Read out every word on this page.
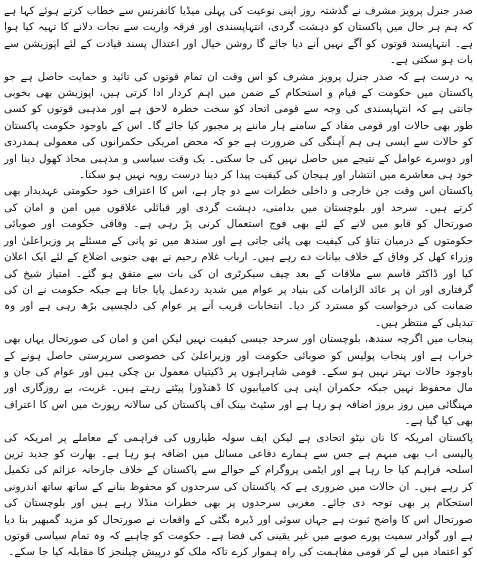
صدر جنرل پرویز مشرف نے گذشتہ روز اپنی نوعیت کی پہلی میڈیا کانفرنس سے خطاب کرتے ہوئے کہا ہے کہ ہم ہر حال میں پاکستان کو دہشت گردی، انتہاپسندی اور فرقہ واریت سے نجات دلانے کا تہیہ کیا ہوا ہے۔ انتہاپسند قوتوں کو آگے نہیں آنے دیا جائے گا روشن خیال اور اعتدال پسند قیادت کے لئے اپوزیشن سے بات ہو سکتی ہے۔

یہ درست ہے کہ صدر جنرل پرویز مشرف کو اس وقت ان تمام قوتوں کی تائید و حمایت حاصل ہے جو پاکستان میں حکومت کے قیام و استحکام کے ضمن میں اہم کردار ادا کرتی ہیں، اپوزیشن بھی بخوبی جانتی ہے کہ انتہاپسندی کی وجہ سے قومی اتحاد کو سخت خطرہ لاحق ہے اور مذہبی قوتوں کو کسی طور بھی حالات اور قومی مفاد کے سامنے ہار ماننے پر مجبور کیا جائے گا۔ اس کے باوجود حکومت پاکستان کو حالات سے ایسی ہی ہم آہنگی کی ضرورت ہے جو کہ محض امریکی حکمرانوں کی معمولی ہمدردی اور دوسرے عوامل کے نتیجے میں حاصل نہیں کی جا سکتی۔ یک وقت سیاسی و مذہبی محاذ کھول دینا اور خود ہی معاشرے میں انتشار اور ہیجان کی کیفیت پیدا کر دینا درست رویہ نہیں ہو سکتا۔

پاکستان اس وقت جن خارجی و داخلی خطرات سے دو چار ہے، اس کا اعتراف خود حکومتی عہدیدار بھی کرتے ہیں۔ سرحد اور بلوچستان میں بدامنی، دہشت گردی اور قبائلی علاقوں میں امن و امان کی صورتحال کو قابو میں لانے کے لئے بھی فوج استعمال کرنی پڑ رہی ہے۔ وفاقی حکومت اور صوبائی حکومتوں کے درمیان تناؤ کی کیفیت بھی پائی جاتی ہے اور سندھ میں تو پانی کے مسئلے پر وزیراعلیٰ اور وزراء کھل کر وفاق کے خلاف بیانات دے رہے ہیں۔ ارباب غلام رحیم نے بھی جنوبی اضلاع کے لئے ایک اعلان کیا اور ڈاکٹر قاسم سے ملاقات کے بعد چیف سیکرٹری ان کی بات سے متفق ہو گئے۔ امتیاز شیخ کی گرفتاری اور ان پر عائد الزامات کی بنیاد پر عوام میں شدید ردعمل پایا جاتا ہے جبکہ حکومت نے ان کی ضمانت کی درخواست کو مسترد کر دیا۔ انتخابات قریب آنے پر عوام کی دلچسپی بڑھ رہی ہے اور وہ تبدیلی کے منتظر ہیں۔

پنجاب میں اگرچہ سندھ، بلوچستان اور سرحد جیسی کیفیت نہیں لیکن امن و امان کی صورتحال یہاں بھی خراب ہے اور پنجاب پولیس کو صوبائی حکومت اور وزیراعلیٰ کی خصوصی سرپرستی حاصل ہونے کے باوجود حالات بہتر نہیں ہو سکے۔ قومی شاہراہوں پر ڈکیتیاں معمول بن چکی ہیں اور عوام کی جان و مال محفوظ نہیں جبکہ حکمران اپنی ہی کامیابیوں کا ڈھنڈورا پیٹتے رہتے ہیں۔ غربت، بے روزگاری اور مہنگائی میں روز بروز اضافہ ہو رہا ہے اور سٹیٹ بینک آف پاکستان کی سالانہ رپورٹ میں اس کا اعتراف بھی کیا گیا ہے۔

پاکستان امریکہ کا نان نیٹو اتحادی ہے لیکن ایف سولہ طیاروں کی فراہمی کے معاملے پر امریکہ کی پالیسی اب بھی مبہم ہے جس سے ہمارے دفاعی مسائل میں اضافہ ہو رہا ہے۔ بھارت کو جدید ترین اسلحہ فراہم کیا جا رہا ہے اور ایٹمی پروگرام کے حوالے سے پاکستان کے خلاف جارحانہ عزائم کی تکمیل کر رہے ہیں۔ ان حالات میں ضروری ہے کہ پاکستان کی سرحدوں کو محفوظ بنانے کے ساتھ ساتھ اندرونی استحکام پر بھی توجہ دی جائے۔ مغربی سرحدوں پر بھی خطرات منڈلا رہے ہیں اور بلوچستان کی صورتحال اس کا واضح ثبوت ہے جہاں سوئی اور ڈیرہ بگٹی کے واقعات نے صورتحال کو مزید گمبھیر بنا دیا ہے اور گوادر سمیت پورے صوبے میں غیر یقینی کی فضا ہے۔ حکومت کو چاہیے کہ وہ تمام سیاسی قوتوں کو اعتماد میں لے کر قومی مفاہمت کی راہ ہموار کرے تاکہ ملک کو درپیش چیلنجز کا مقابلہ کیا جا سکے۔
